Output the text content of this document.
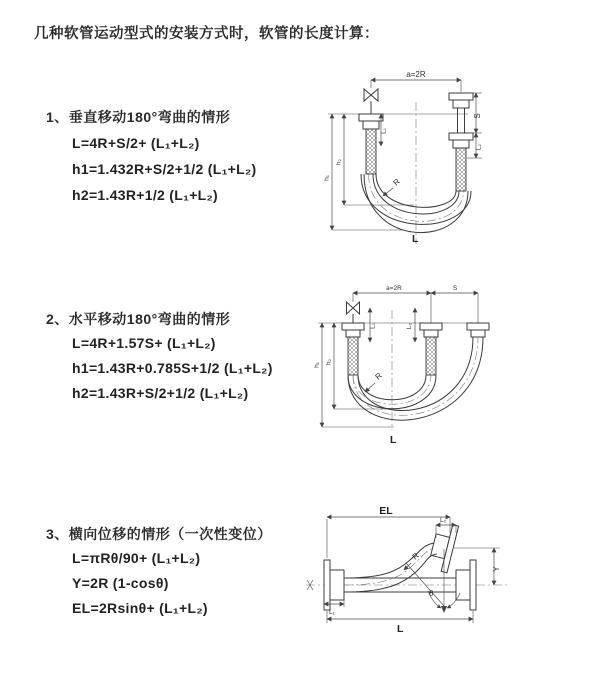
几种软管运动型式的安装方式时，软管的长度计算：
1、垂直移动180°弯曲的情形
L=4R+S/2+ (L₁+L₂)
h1=1.432R+S/2+1/2 (L₁+L₂)
h2=1.43R+1/2 (L₁+L₂)
2、水平移动180°弯曲的情形
L=4R+1.57S+ (L₁+L₂)
h1=1.43R+0.785S+1/2 (L₁+L₂)
h2=1.43R+S/2+1/2 (L₁+L₂)
3、横向位移的情形（一次性变位）
L=πRθ/90+ (L₁+L₂)
Y=2R (1-cosθ)
EL=2Rsinθ+ (L₁+L₂)
a=2R
S
L₂
L₁
h₁
h₂
R
L
a=2R	S
L₁	L₂
h₁ h₂
R
L
θ
R
EL
L₂
Y
L₁
L
